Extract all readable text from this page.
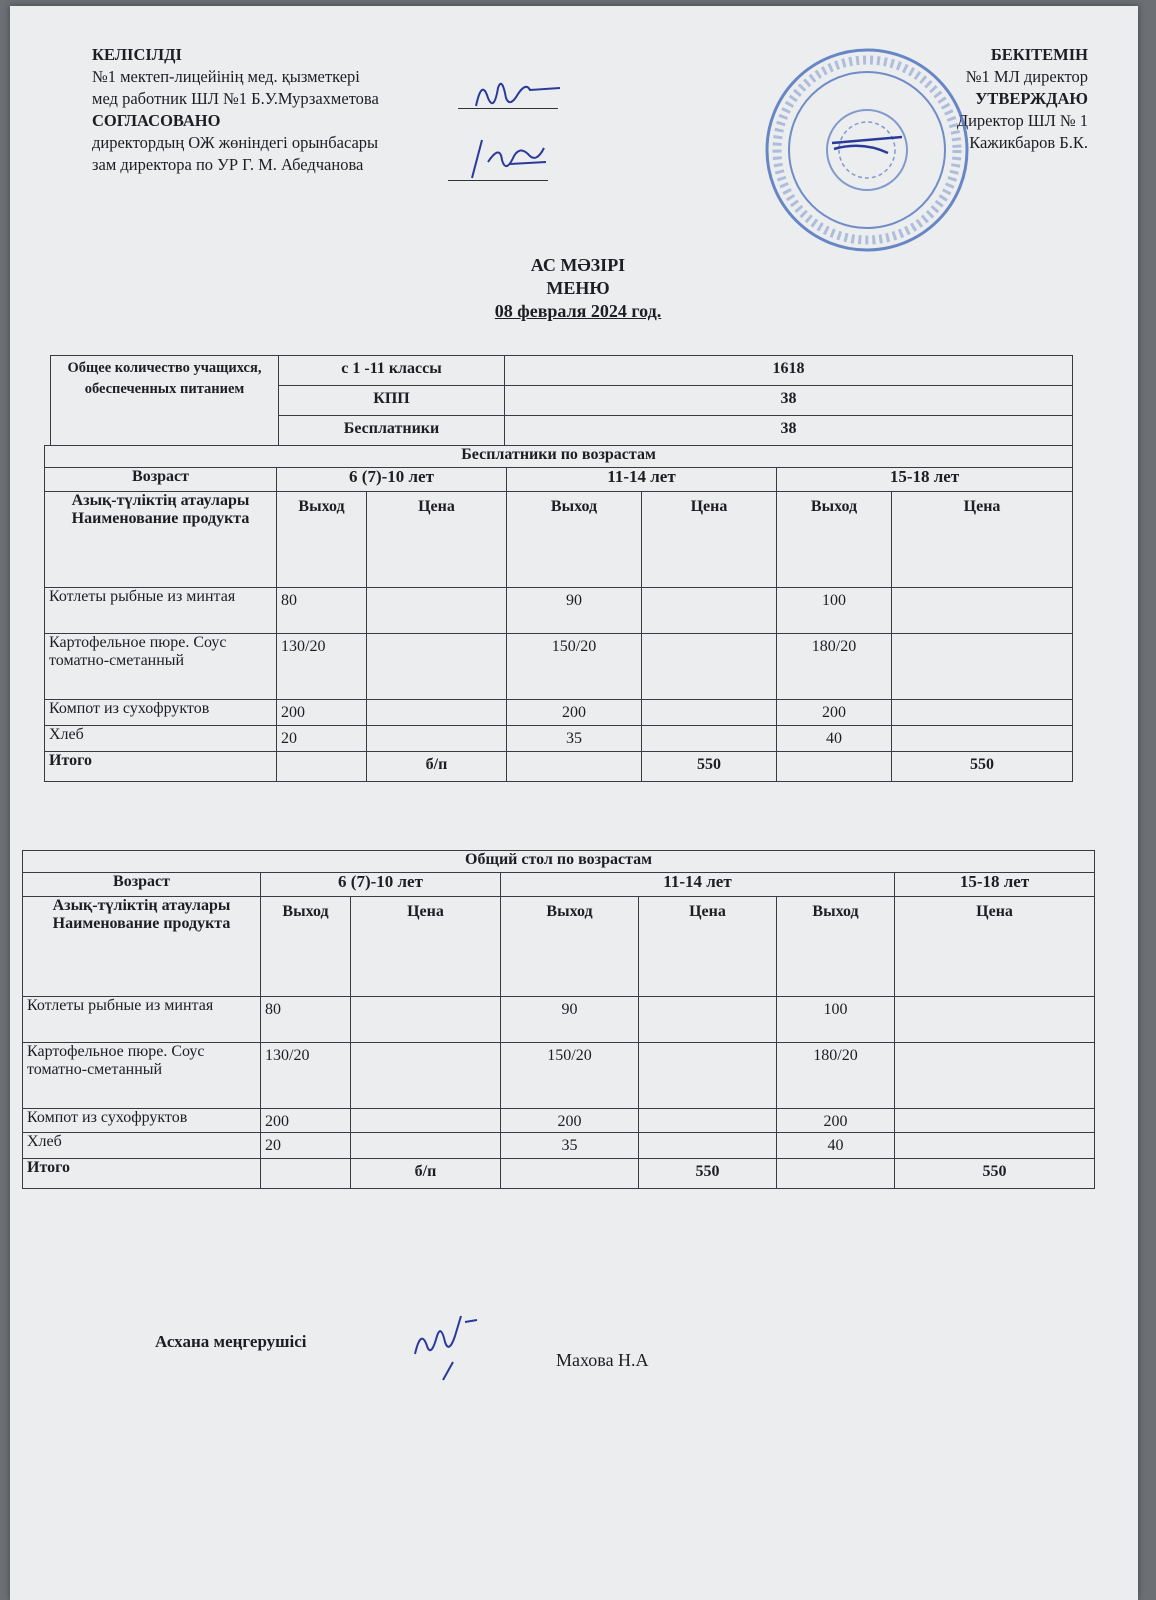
КЕЛІСІЛДІ
№1 мектеп-лицейінің мед. қызметкері
мед работник ШЛ №1 Б.У.Мурзахметова
СОГЛАСОВАНО
директордың ОЖ жөніндегі орынбасары
зам директора по УР Г. М. Абедчанова
БЕКІТЕМІН
№1 МЛ директор
УТВЕРЖДАЮ
Директор ШЛ № 1
Кажикбаров Б.К.
АС МӘЗІРІ
МЕНЮ
08 февраля 2024 год.
Общее количество учащихся, обеспеченных питанием	с 1 -11 классы	1618
	КПП	38
	Бесплатники	38
Бесплатники по возрастам						
Возраст	6 (7)-10 лет		11-14 лет		15-18 лет	
Азық-түліктің атаулары Наименование продукта	Выход	Цена	Выход	Цена	Выход	Цена
Котлеты рыбные из минтая	80		90		100	
Картофельное пюре. Соус томатно-сметанный	130/20		150/20		180/20	
Компот из сухофруктов	200		200		200	
Хлеб	20		35		40	
Итого		б/п		550		550
Общий стол по возрастам						
Возраст	6 (7)-10 лет		11-14 лет			15-18 лет
Азық-түліктің атаулары Наименование продукта	Выход	Цена	Выход	Цена	Выход	Цена
Котлеты рыбные из минтая	80		90		100	
Картофельное пюре. Соус томатно-сметанный	130/20		150/20		180/20	
Компот из сухофруктов	200		200		200	
Хлеб	20		35		40	
Итого		б/п		550		550
Асхана меңгерушісі
Махова Н.А
